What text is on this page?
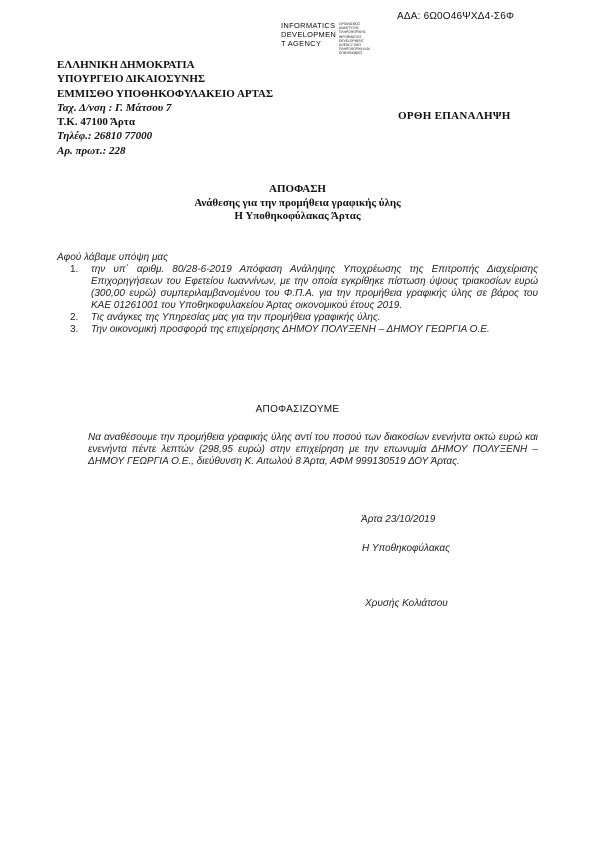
ΑΔΑ: 6Ω0Ο46ΨΧΔ4-Σ6Φ
INFORMATICS
DEVELOPMEN
T AGENCY
ΟΡΓΑΝΙΣΜΟΣ ΑΝΑΠΤΥΞΗΣ ΠΛΗΡΟΦΟΡΙΚΗΣ INFORMATICS DEVELOPMENT AGENCY ΟΑΠ ΠΛΗΡΟΦΟΡΙΚΗ ΚΑΙ ΕΠΙΚΟΙΝΩΝΙΕΣ
ΕΛΛΗΝΙΚΗ ΔΗΜΟΚΡΑΤΙΑ
ΥΠΟΥΡΓΕΙΟ ΔΙΚΑΙΟΣΥΝΗΣ
ΕΜΜΙΣΘΟ ΥΠΟΘΗΚΟΦΥΛΑΚΕΙΟ ΑΡΤΑΣ
Ταχ. Δ/νση : Γ. Μάτσου 7
Τ.Κ. 47100 Άρτα
Τηλέφ.: 26810 77000
Αρ. πρωτ.: 228
ΟΡΘΗ ΕΠΑΝΑΛΗΨΗ
ΑΠΟΦΑΣΗ
Ανάθεσης για την προμήθεια γραφικής ύλης
Η Υποθηκοφύλακας Άρτας
Αφού λάβαμε υπόψη μας
1. την υπ΄ αριθμ. 80/28-6-2019 Απόφαση Ανάληψης Υποχρέωσης της Επιτροπής Διαχείρισης Επιχορηγήσεων του Εφετείου Ιωαννίνων, με την οποία εγκρίθηκε πίστωση ύψους τριακοσίων ευρώ (300,00 ευρώ) συμπεριλαμβανομένου του Φ.Π.Α. για την προμήθεια γραφικής ύλης σε βάρος του ΚΑΕ 01261001 του Υποθηκοφυλακείου Άρτας οικονομικού έτους 2019.
2. Τις ανάγκες της Υπηρεσίας μας για την προμήθεια γραφικής ύλης.
3. Την οικονομική προσφορά της επιχείρησης ΔΗΜΟΥ ΠΟΛΥΞΕΝΗ – ΔΗΜΟΥ ΓΕΩΡΓΙΑ Ο.Ε.
ΑΠΟΦΑΣΙΖΟΥΜΕ
Να αναθέσουμε την προμήθεια γραφικής ύλης αντί του ποσού των διακοσίων ενενήντα οκτώ ευρώ και ενενήντα πέντε λεπτών (298,95 ευρώ) στην επιχείρηση με την επωνυμία ΔΗΜΟΥ ΠΟΛΥΞΕΝΗ – ΔΗΜΟΥ ΓΕΩΡΓΙΑ Ο.Ε., διεύθυνση Κ. Αιτωλού 8 Άρτα, ΑΦΜ 999130519 ΔΟΥ Άρτας.
Άρτα 23/10/2019
Η Υποθηκοφύλακας
Χρυσής Κολιάτσου
